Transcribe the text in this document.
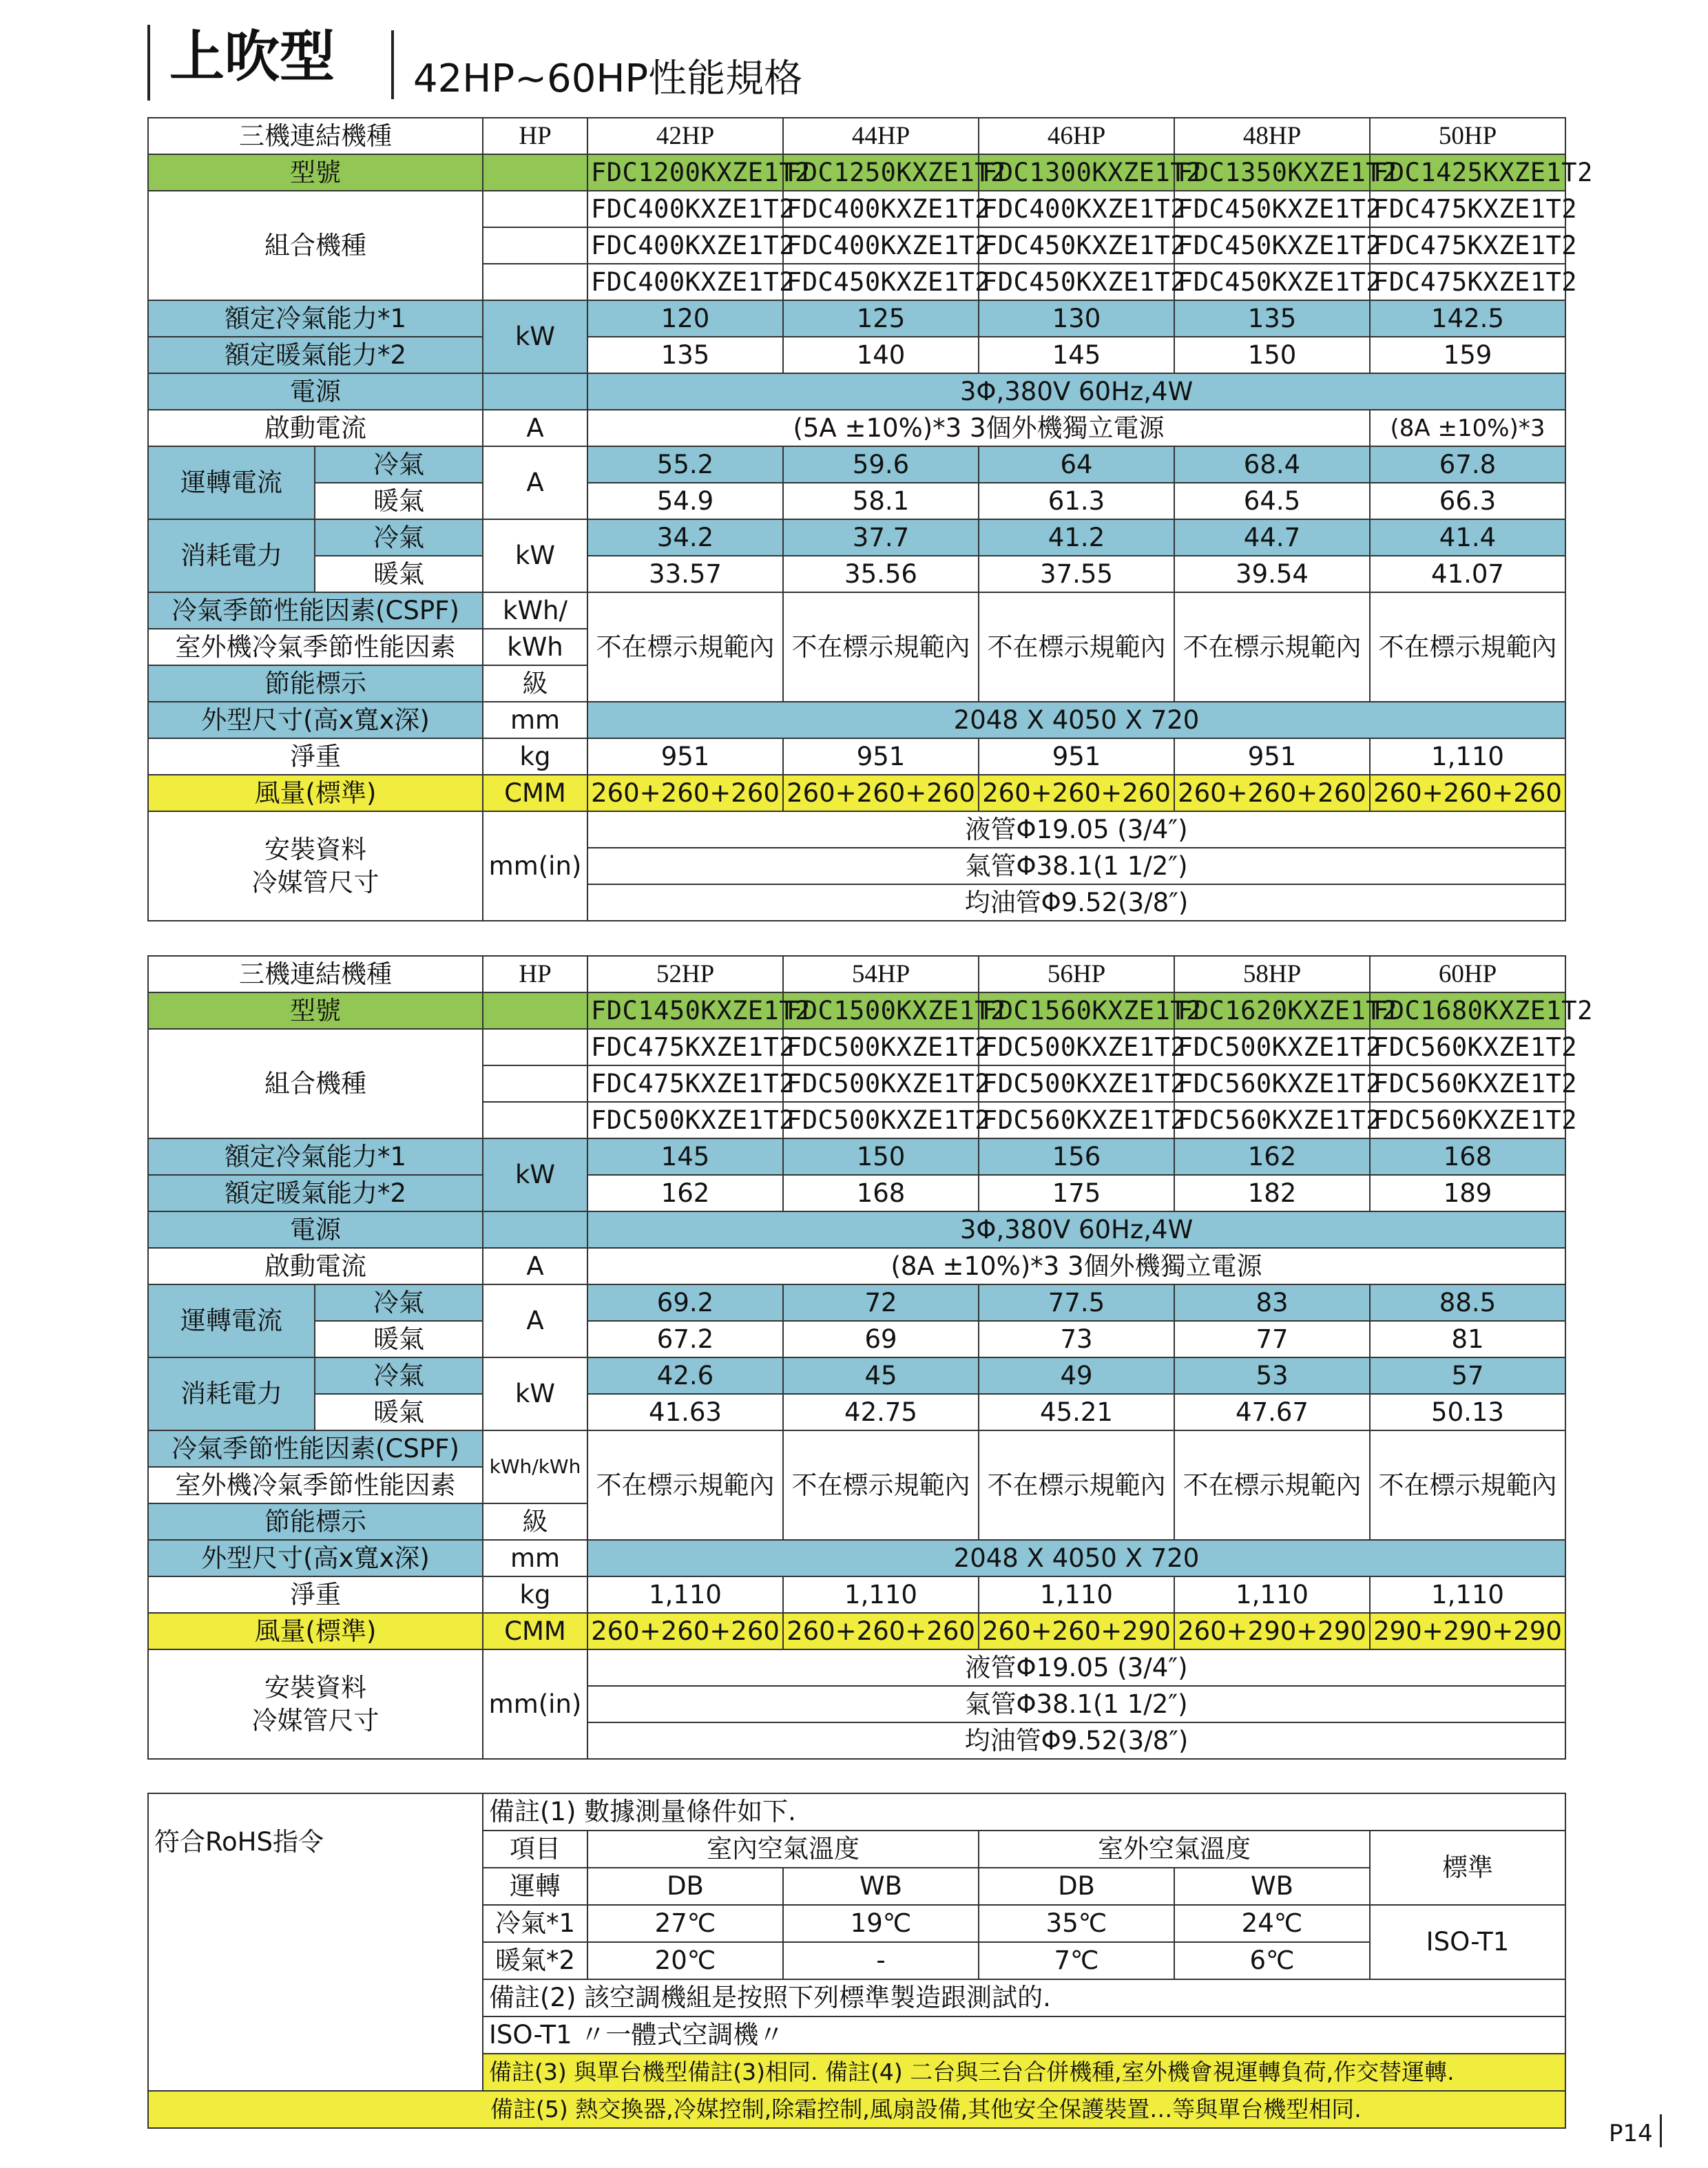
上吹型 42HP~60HP性能規格
三機連結機種		HP	42HP	44HP	46HP	48HP	50HP
型號			FDC1200KXZE1T2	FDC1250KXZE1T2	FDC1300KXZE1T2	FDC1350KXZE1T2	FDC1425KXZE1T2
組合機種			FDC400KXZE1T2	FDC400KXZE1T2	FDC400KXZE1T2	FDC450KXZE1T2	FDC475KXZE1T2
			FDC400KXZE1T2	FDC400KXZE1T2	FDC450KXZE1T2	FDC450KXZE1T2	FDC475KXZE1T2
			FDC400KXZE1T2	FDC450KXZE1T2	FDC450KXZE1T2	FDC450KXZE1T2	FDC475KXZE1T2
額定冷氣能力*1		kW	120	125	130	135	142.5
額定暖氣能力*2			135	140	145	150	159
電源			3Φ,380V 60Hz,4W				
啟動電流		A	(5A ±10%)*3 3個外機獨立電源				(8A ±10%)*3
運轉電流	冷氣	A	55.2	59.6	64	68.4	67.8
	暖氣		54.9	58.1	61.3	64.5	66.3
消耗電力	冷氣	kW	34.2	37.7	41.2	44.7	41.4
	暖氣		33.57	35.56	37.55	39.54	41.07
冷氣季節性能因素(CSPF)		kWh/	不在標示規範內	不在標示規範內	不在標示規範內	不在標示規範內	不在標示規範內
室外機冷氣季節性能因素		kWh					
節能標示		級					
外型尺寸(高x寬x深)		mm	2048 X 4050 X 720				
淨重		kg	951	951	951	951	1,110
風量(標準)		CMM	260+260+260	260+260+260	260+260+260	260+260+260	260+260+260
安裝資料
冷媒管尺寸		mm(in)	液管Φ19.05 (3/4″)				
			氣管Φ38.1(1 1/2″)				
			均油管Φ9.52(3/8″)				
三機連結機種		HP	52HP	54HP	56HP	58HP	60HP
型號			FDC1450KXZE1T2	FDC1500KXZE1T2	FDC1560KXZE1T2	FDC1620KXZE1T2	FDC1680KXZE1T2
組合機種			FDC475KXZE1T2	FDC500KXZE1T2	FDC500KXZE1T2	FDC500KXZE1T2	FDC560KXZE1T2
			FDC475KXZE1T2	FDC500KXZE1T2	FDC500KXZE1T2	FDC560KXZE1T2	FDC560KXZE1T2
			FDC500KXZE1T2	FDC500KXZE1T2	FDC560KXZE1T2	FDC560KXZE1T2	FDC560KXZE1T2
額定冷氣能力*1		kW	145	150	156	162	168
額定暖氣能力*2			162	168	175	182	189
電源			3Φ,380V 60Hz,4W				
啟動電流		A	(8A ±10%)*3 3個外機獨立電源				
運轉電流	冷氣	A	69.2	72	77.5	83	88.5
	暖氣		67.2	69	73	77	81
消耗電力	冷氣	kW	42.6	45	49	53	57
	暖氣		41.63	42.75	45.21	47.67	50.13
冷氣季節性能因素(CSPF)		kWh/kWh	不在標示規範內	不在標示規範內	不在標示規範內	不在標示規範內	不在標示規範內
室外機冷氣季節性能因素							
節能標示		級					
外型尺寸(高x寬x深)		mm	2048 X 4050 X 720				
淨重		kg	1,110	1,110	1,110	1,110	1,110
風量(標準)		CMM	260+260+260	260+260+260	260+260+290	260+290+290	290+290+290
安裝資料
冷媒管尺寸		mm(in)	液管Φ19.05 (3/4″)				
			氣管Φ38.1(1 1/2″)				
			均油管Φ9.52(3/8″)				
符合RoHS指令	備註(1) 數據測量條件如下.					
	項目	室內空氣溫度		室外空氣溫度		標準
	運轉	DB	WB	DB	WB	
	冷氣*1	27℃	19℃	35℃	24℃	ISO-T1
	暖氣*2	20℃	-	7℃	6℃	
	備註(2) 該空調機組是按照下列標準製造跟測試的.					
	ISO-T1 〃一體式空調機〃					
	備註(3) 與單台機型備註(3)相同. 備註(4) 二台與三台合併機種,室外機會視運轉負荷,作交替運轉.					
備註(5) 熱交換器,冷媒控制,除霜控制,風扇設備,其他安全保護裝置…等與單台機型相同.						
P14
